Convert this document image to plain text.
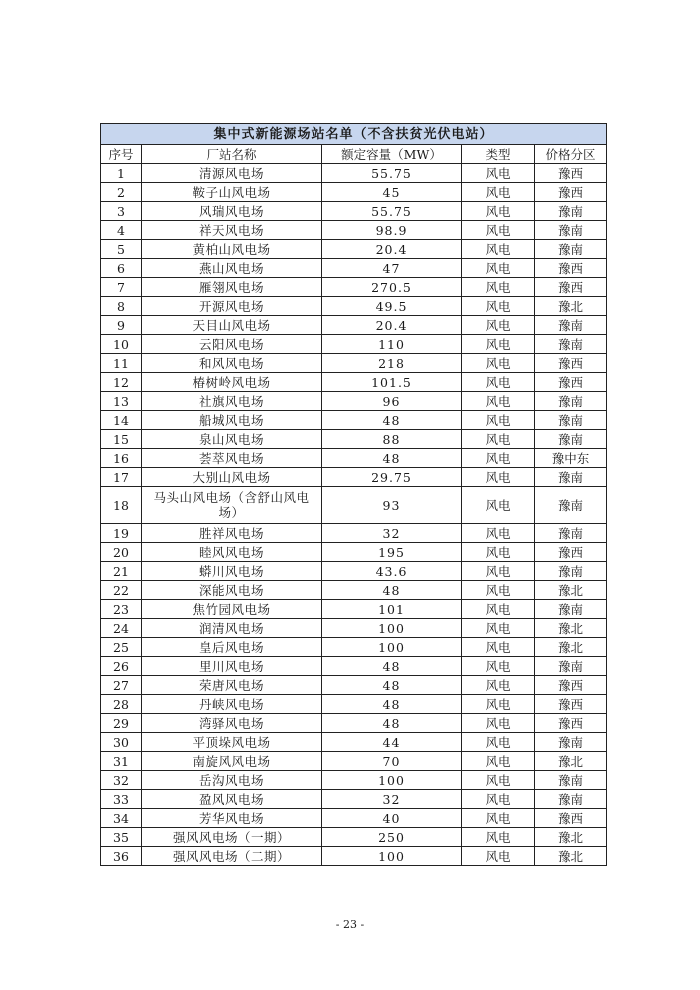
集中式新能源场站名单（不含扶贫光伏电站）				
序号	厂站名称	额定容量（MW）	类型	价格分区
1	清源风电场	55.75	风电	豫西
2	鞍子山风电场	45	风电	豫西
3	风瑞风电场	55.75	风电	豫南
4	祥天风电场	98.9	风电	豫南
5	黄柏山风电场	20.4	风电	豫南
6	燕山风电场	47	风电	豫西
7	雁翎风电场	270.5	风电	豫西
8	开源风电场	49.5	风电	豫北
9	天目山风电场	20.4	风电	豫南
10	云阳风电场	110	风电	豫南
11	和风风电场	218	风电	豫西
12	椿树岭风电场	101.5	风电	豫西
13	社旗风电场	96	风电	豫南
14	船城风电场	48	风电	豫南
15	泉山风电场	88	风电	豫南
16	荟萃风电场	48	风电	豫中东
17	大别山风电场	29.75	风电	豫南
18	马头山风电场（含舒山风电场）	93	风电	豫南
19	胜祥风电场	32	风电	豫南
20	睦风风电场	195	风电	豫西
21	蟒川风电场	43.6	风电	豫南
22	深能风电场	48	风电	豫北
23	焦竹园风电场	101	风电	豫南
24	润清风电场	100	风电	豫北
25	皇后风电场	100	风电	豫北
26	里川风电场	48	风电	豫南
27	荣唐风电场	48	风电	豫西
28	丹峡风电场	48	风电	豫西
29	湾驿风电场	48	风电	豫西
30	平顶垛风电场	44	风电	豫南
31	南旋风风电场	70	风电	豫北
32	岳沟风电场	100	风电	豫南
33	盈风风电场	32	风电	豫南
34	芳华风电场	40	风电	豫西
35	强风风电场（一期）	250	风电	豫北
36	强风风电场（二期）	100	风电	豫北
- 23 -
